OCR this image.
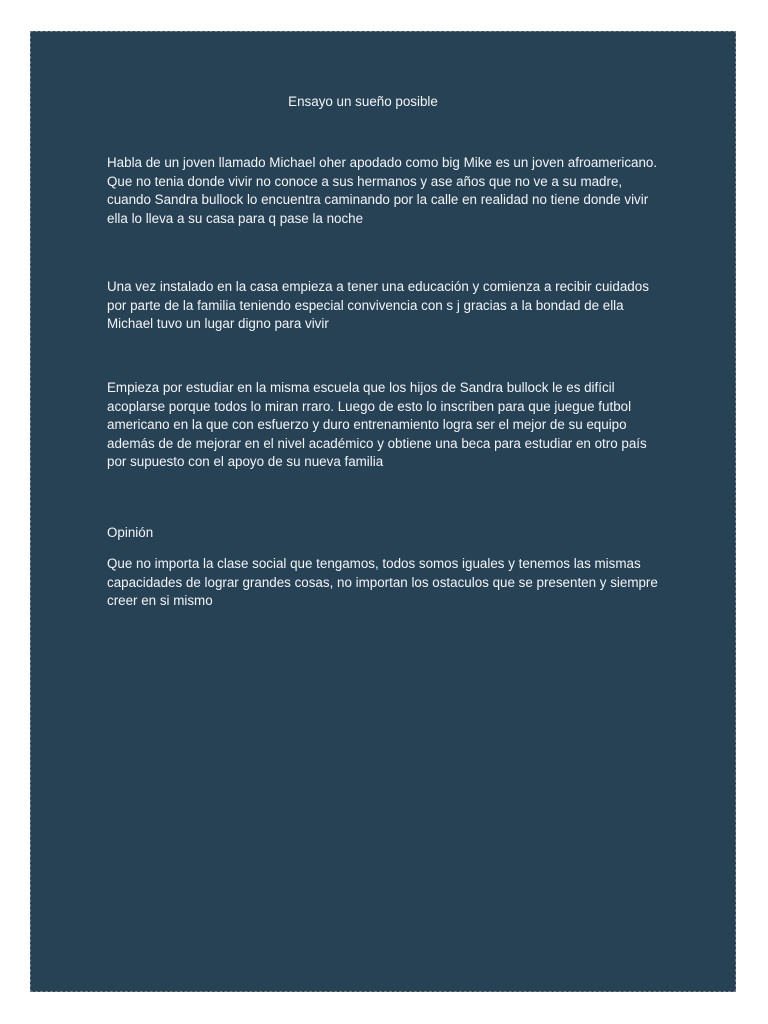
Ensayo un sueño posible

Habla de un joven llamado Michael oher apodado como big Mike es un joven afroamericano. Que no tenia donde vivir no conoce a sus hermanos y ase años que no ve a su madre, cuando Sandra bullock lo encuentra caminando por la calle en realidad no tiene donde vivir ella lo lleva a su casa para q pase la noche

Una vez instalado en la casa empieza a tener una educación y comienza a recibir cuidados por parte de la familia teniendo especial convivencia con s j gracias a la bondad de ella Michael tuvo un lugar digno para vivir

Empieza por estudiar en la misma escuela que los hijos de Sandra bullock le es difícil acoplarse porque todos lo miran rraro. Luego de esto lo inscriben para que juegue futbol americano en la que con esfuerzo y duro entrenamiento logra ser el mejor de su equipo además de de mejorar en el nivel académico y obtiene una beca para estudiar en otro país por supuesto con el apoyo de su nueva familia

Opinión

Que no importa la clase social que tengamos, todos somos iguales y tenemos las mismas capacidades de lograr grandes cosas, no importan los ostaculos que se presenten y siempre creer en si mismo
